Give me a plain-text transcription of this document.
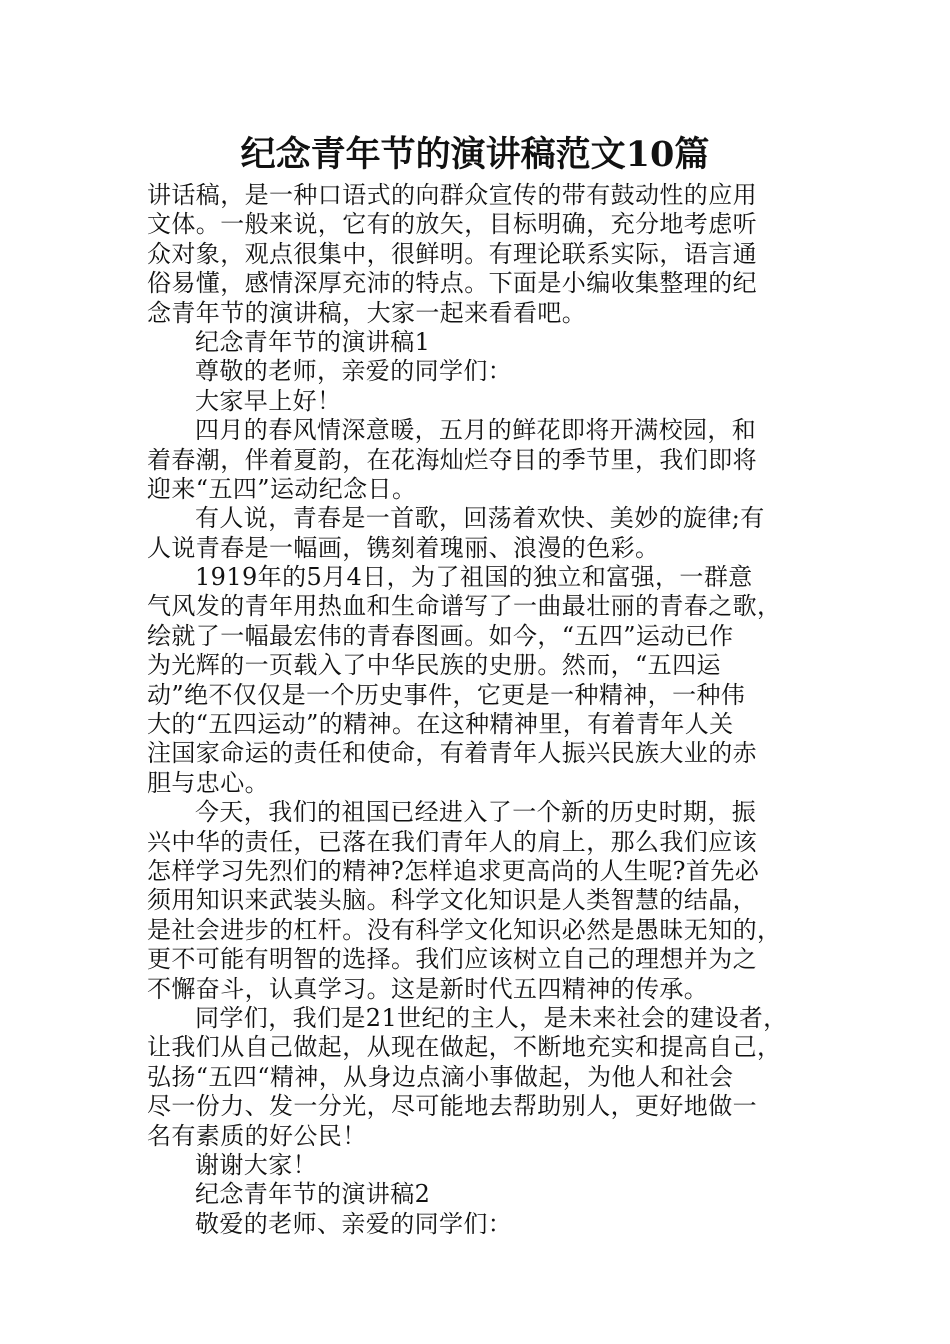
纪念青年节的演讲稿范文10篇
讲话稿，是一种口语式的向群众宣传的带有鼓动性的应用
文体。一般来说，它有的放矢，目标明确，充分地考虑听
众对象，观点很集中，很鲜明。有理论联系实际，语言通
俗易懂，感情深厚充沛的特点。下面是小编收集整理的纪
念青年节的演讲稿，大家一起来看看吧。
纪念青年节的演讲稿1
尊敬的老师，亲爱的同学们：
大家早上好！
四月的春风情深意暖，五月的鲜花即将开满校园，和
着春潮，伴着夏韵，在花海灿烂夺目的季节里，我们即将
迎来“五四”运动纪念日。
有人说，青春是一首歌，回荡着欢快、美妙的旋律;有
人说青春是一幅画，镌刻着瑰丽、浪漫的色彩。
1919年的5月4日，为了祖国的独立和富强，一群意
气风发的青年用热血和生命谱写了一曲最壮丽的青春之歌，
绘就了一幅最宏伟的青春图画。如今，“五四”运动已作
为光辉的一页载入了中华民族的史册。然而，“五四运
动”绝不仅仅是一个历史事件，它更是一种精神，一种伟
大的“五四运动”的精神。在这种精神里，有着青年人关
注国家命运的责任和使命，有着青年人振兴民族大业的赤
胆与忠心。
今天，我们的祖国已经进入了一个新的历史时期，振
兴中华的责任，已落在我们青年人的肩上，那么我们应该
怎样学习先烈们的精神?怎样追求更高尚的人生呢?首先必
须用知识来武装头脑。科学文化知识是人类智慧的结晶，
是社会进步的杠杆。没有科学文化知识必然是愚昧无知的，
更不可能有明智的选择。我们应该树立自己的理想并为之
不懈奋斗，认真学习。这是新时代五四精神的传承。
同学们，我们是21世纪的主人，是未来社会的建设者，
让我们从自己做起，从现在做起，不断地充实和提高自己，
弘扬“五四“精神，从身边点滴小事做起，为他人和社会
尽一份力、发一分光，尽可能地去帮助别人，更好地做一
名有素质的好公民！
谢谢大家！
纪念青年节的演讲稿2
敬爱的老师、亲爱的同学们：
